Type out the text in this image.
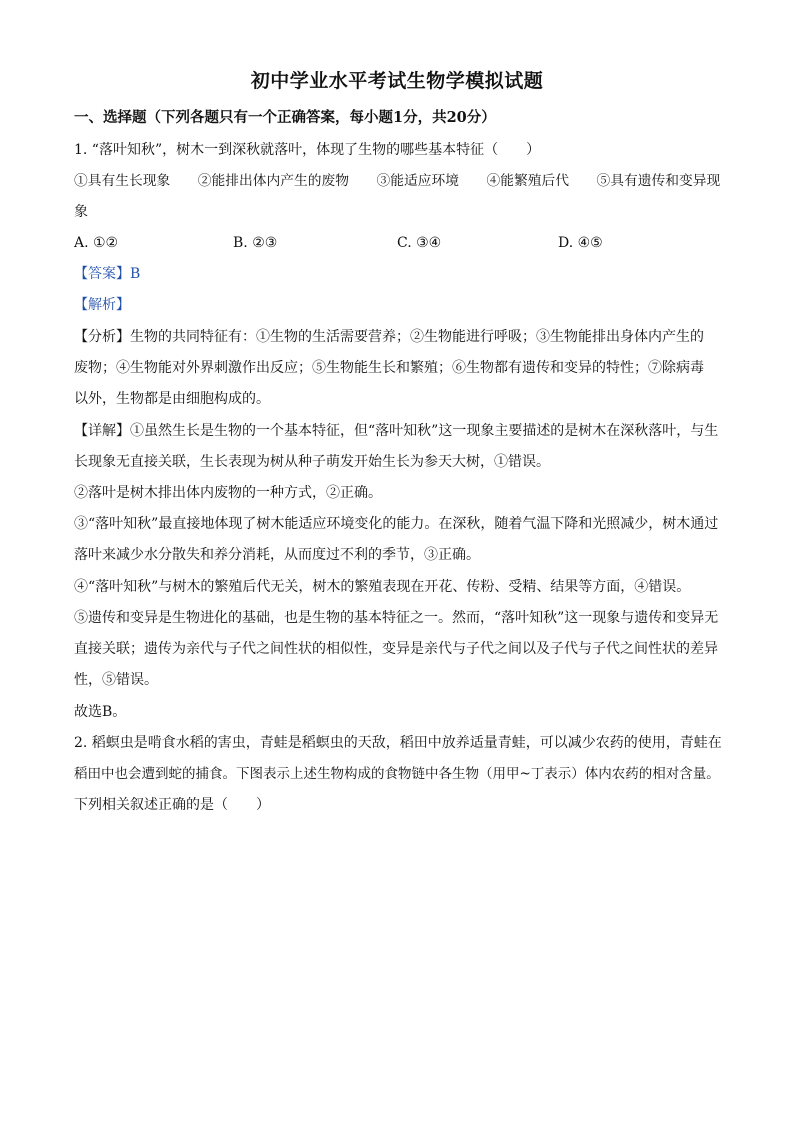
初中学业水平考试生物学模拟试题
一、选择题（下列各题只有一个正确答案，每小题1分，共20分）
1. “落叶知秋”，树木一到深秋就落叶，体现了生物的哪些基本特征（　　）
①具有生长现象　　②能排出体内产生的废物　　③能适应环境　　④能繁殖后代　　⑤具有遗传和变异现
象
A. ①②	B. ②③	C. ③④	D. ④⑤
【答案】B
【解析】
【分析】生物的共同特征有：①生物的生活需要营养；②生物能进行呼吸；③生物能排出身体内产生的
废物；④生物能对外界刺激作出反应；⑤生物能生长和繁殖；⑥生物都有遗传和变异的特性；⑦除病毒
以外，生物都是由细胞构成的。
【详解】①虽然生长是生物的一个基本特征，但“落叶知秋”这一现象主要描述的是树木在深秋落叶，与生
长现象无直接关联，生长表现为树从种子萌发开始生长为参天大树，①错误。
②落叶是树木排出体内废物的一种方式，②正确。
③“落叶知秋”最直接地体现了树木能适应环境变化的能力。在深秋，随着气温下降和光照减少，树木通过
落叶来减少水分散失和养分消耗，从而度过不利的季节，③正确。
④“落叶知秋”与树木的繁殖后代无关，树木的繁殖表现在开花、传粉、受精、结果等方面，④错误。
⑤遗传和变异是生物进化的基础，也是生物的基本特征之一。然而，“落叶知秋”这一现象与遗传和变异无
直接关联；遗传为亲代与子代之间性状的相似性，变异是亲代与子代之间以及子代与子代之间性状的差异
性，⑤错误。
故选B。
2. 稻螟虫是啃食水稻的害虫，青蛙是稻螟虫的天敌，稻田中放养适量青蛙，可以减少农药的使用，青蛙在
稻田中也会遭到蛇的捕食。下图表示上述生物构成的食物链中各生物（用甲~丁表示）体内农药的相对含量。
下列相关叙述正确的是（　　）
